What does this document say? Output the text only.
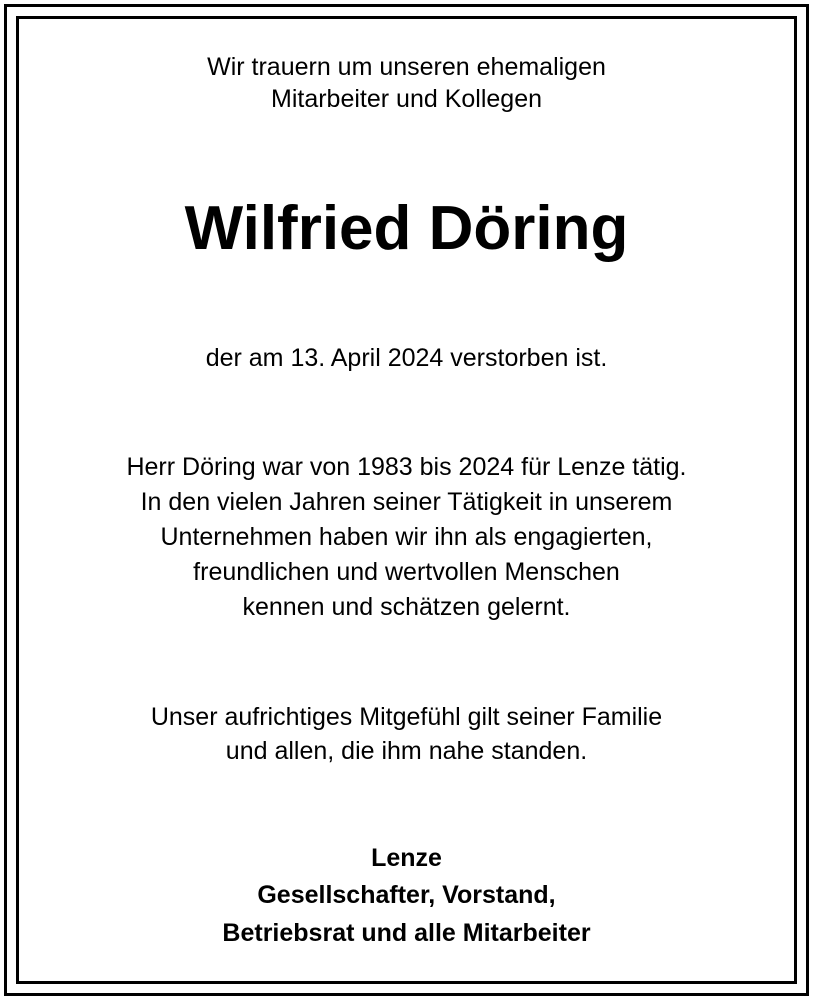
Wir trauern um unseren ehemaligen
Mitarbeiter und Kollegen
Wilfried Döring
der am 13. April 2024 verstorben ist.
Herr Döring war von 1983 bis 2024 für Lenze tätig.
In den vielen Jahren seiner Tätigkeit in unserem
Unternehmen haben wir ihn als engagierten,
freundlichen und wertvollen Menschen
kennen und schätzen gelernt.
Unser aufrichtiges Mitgefühl gilt seiner Familie
und allen, die ihm nahe standen.
Lenze
Gesellschafter, Vorstand,
Betriebsrat und alle Mitarbeiter
